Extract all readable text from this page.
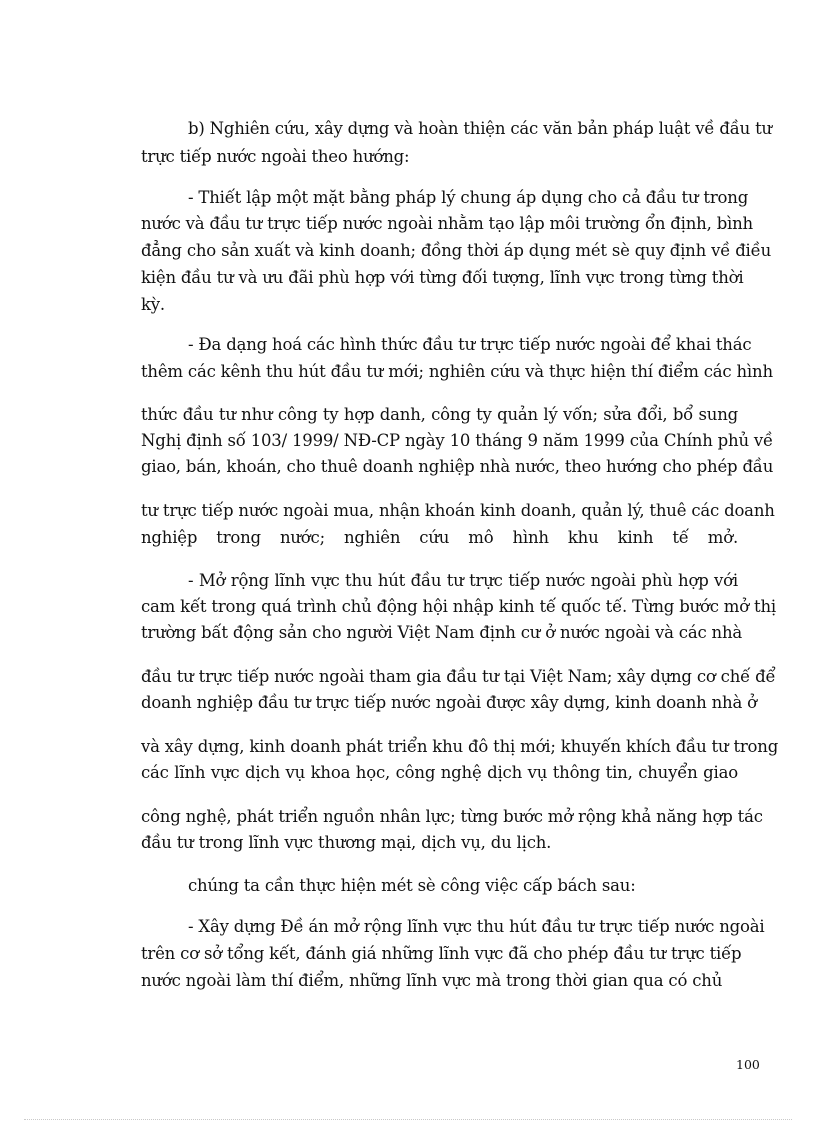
b) Nghiên cứu, xây dựng và hoàn thiện các văn bản pháp luật về đầu tư
trực tiếp nước ngoài theo hướng:
- Thiết lập một mặt bằng pháp lý chung áp dụng cho cả đầu tư trong
nước và đầu tư trực tiếp nước ngoài nhằm tạo lập môi trường ổn định, bình
đẳng cho sản xuất và kinh doanh; đồng thời áp dụng mét sè quy định về điều
kiện đầu tư và ưu đãi phù hợp với từng đối tượng, lĩnh vực trong từng thời
kỳ.
- Đa dạng hoá các hình thức đầu tư trực tiếp nước ngoài để khai thác
thêm các kênh thu hút đầu tư mới; nghiên cứu và thực hiện thí điểm các hình
thức đầu tư như công ty hợp danh, công ty quản lý vốn; sửa đổi, bổ sung
Nghị định số 103/ 1999/ NĐ-CP ngày 10 tháng 9 năm 1999 của Chính phủ về
giao, bán, khoán, cho thuê doanh nghiệp nhà nước, theo hướng cho phép đầu
tư trực tiếp nước ngoài mua, nhận khoán kinh doanh, quản lý, thuê các doanh
nghiệp trong nước; nghiên cứu mô hình khu kinh tế mở.
- Mở rộng lĩnh vực thu hút đầu tư trực tiếp nước ngoài phù hợp với
cam kết trong quá trình chủ động hội nhập kinh tế quốc tế. Từng bước mở thị
trường bất động sản cho người Việt Nam định cư ở nước ngoài và các nhà
đầu tư trực tiếp nước ngoài tham gia đầu tư tại Việt Nam; xây dựng cơ chế để
doanh nghiệp đầu tư trực tiếp nước ngoài được xây dựng, kinh doanh nhà ở
và xây dựng, kinh doanh phát triển khu đô thị mới; khuyến khích đầu tư trong
các lĩnh vực dịch vụ khoa học, công nghệ dịch vụ thông tin, chuyển giao
công nghệ, phát triển nguồn nhân lực; từng bước mở rộng khả năng hợp tác
đầu tư trong lĩnh vực thương mại, dịch vụ, du lịch.
chúng ta cần thực hiện mét sè công việc cấp bách sau:
- Xây dựng Đề án mở rộng lĩnh vực thu hút đầu tư trực tiếp nước ngoài
trên cơ sở tổng kết, đánh giá những lĩnh vực đã cho phép đầu tư trực tiếp
nước ngoài làm thí điểm, những lĩnh vực mà trong thời gian qua có chủ
100
